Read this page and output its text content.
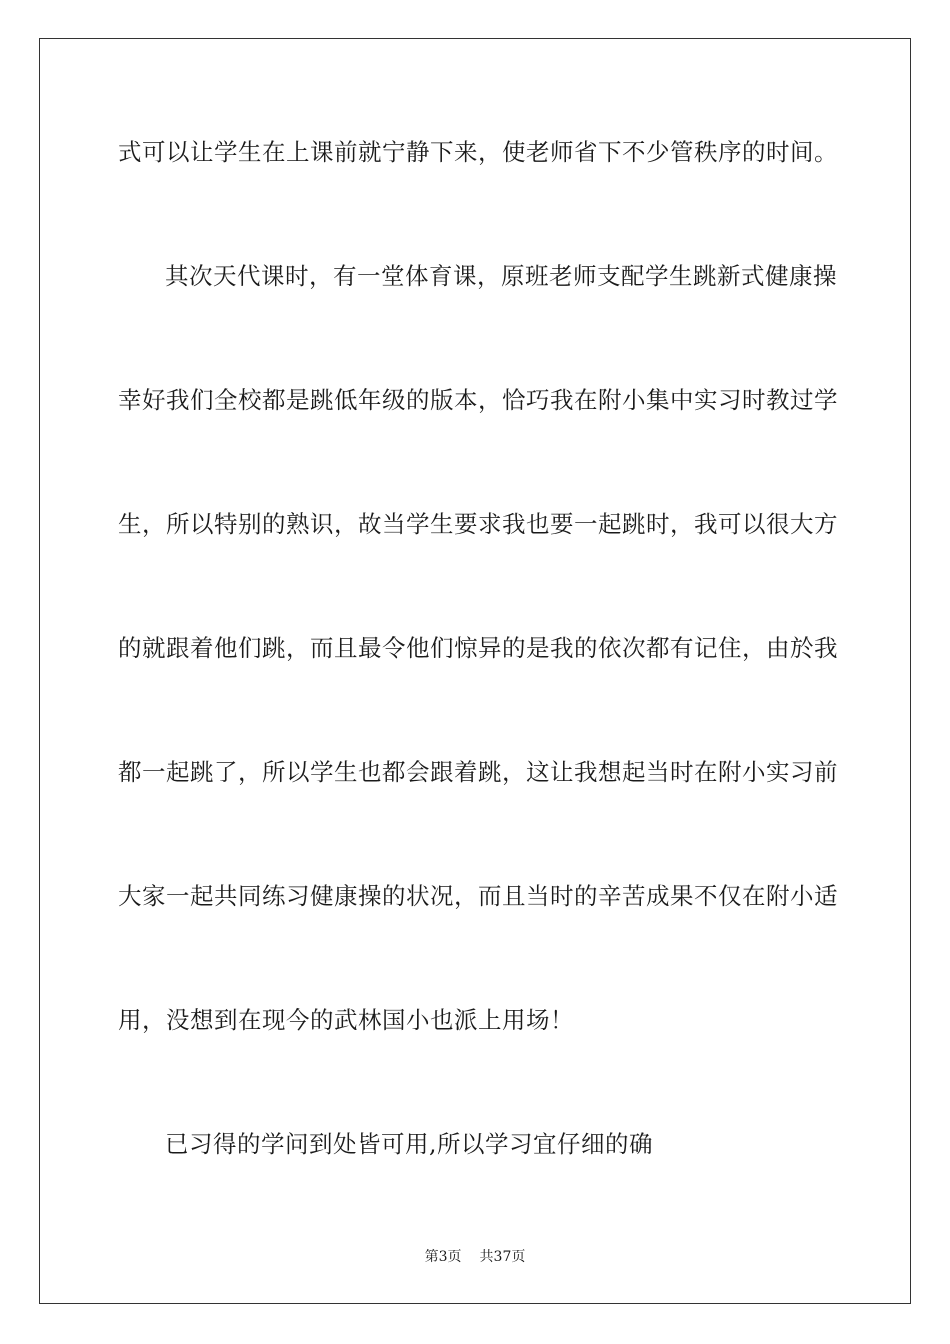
式可以让学生在上课前就宁静下来，使老师省下不少管秩序的时间。
其次天代课时，有一堂体育课，原班老师支配学生跳新式健康操
幸好我们全校都是跳低年级的版本，恰巧我在附小集中实习时教过学
生，所以特别的熟识，故当学生要求我也要一起跳时，我可以很大方
的就跟着他们跳，而且最令他们惊异的是我的依次都有记住，由於我
都一起跳了，所以学生也都会跟着跳，这让我想起当时在附小实习前
大家一起共同练习健康操的状况，而且当时的辛苦成果不仅在附小适
用，没想到在现今的武林国小也派上用场！
已习得的学问到处皆可用,所以学习宜仔细的确
第3页 共37页
